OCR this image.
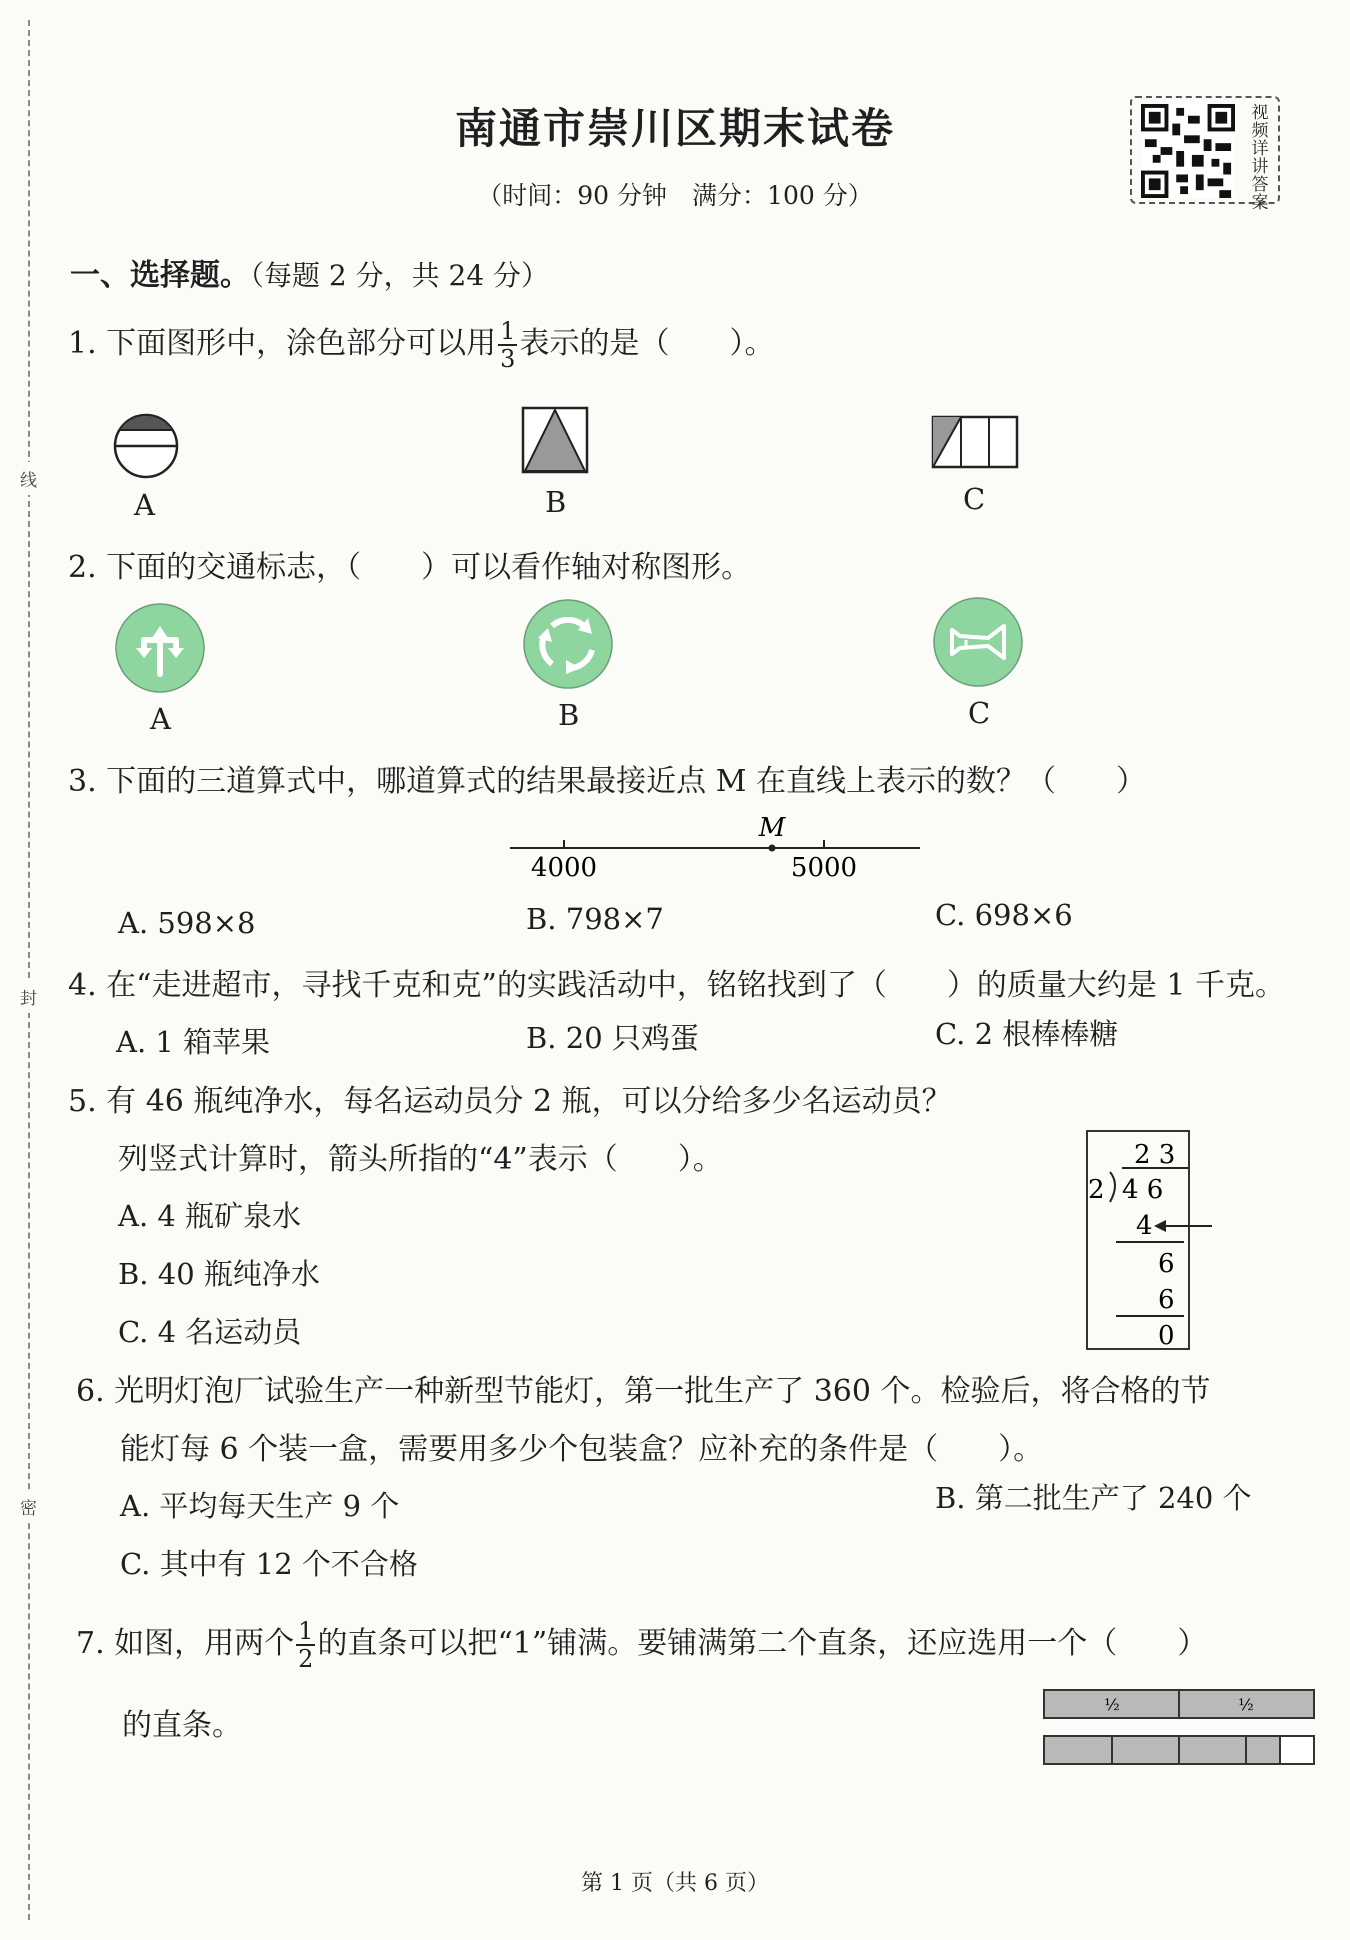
线
封
密
南通市崇川区期末试卷
（时间：90 分钟　满分：100 分）
视
频
详
讲
答
案
一、选择题。（每题 2 分，共 24 分）
1. 下面图形中，涂色部分可以用 $\frac{1}{3}$ 表示的是（　　）。
A	B	C
2. 下面的交通标志，（　　）可以看作轴对称图形。
A	B	C
3. 下面的三道算式中，哪道算式的结果最接近点 M 在直线上表示的数？（　　）
M
4000	5000
A. 598×8	B. 798×7	C. 698×6
4. 在“走进超市，寻找千克和克”的实践活动中，铭铭找到了（　　）的质量大约是 1 千克。
A. 1 箱苹果	B. 20 只鸡蛋	C. 2 根棒棒糖
5. 有 46 瓶纯净水，每名运动员分 2 瓶，可以分给多少名运动员？
列竖式计算时，箭头所指的“4”表示（　　）。
A. 4 瓶矿泉水
B. 40 瓶纯净水
C. 4 名运动员
2 3
2 4 6
4
6
6
0
6. 光明灯泡厂试验生产一种新型节能灯，第一批生产了 360 个。检验后，将合格的节
能灯每 6 个装一盒，需要用多少个包装盒？应补充的条件是（　　）。
A. 平均每天生产 9 个	B. 第二批生产了 240 个
C. 其中有 12 个不合格
7. 如图，用两个 $\frac{1}{2}$ 的直条可以把“1”铺满。要铺满第二个直条，还应选用一个（　　）
的直条。
½	½
第 1 页（共 6 页）
